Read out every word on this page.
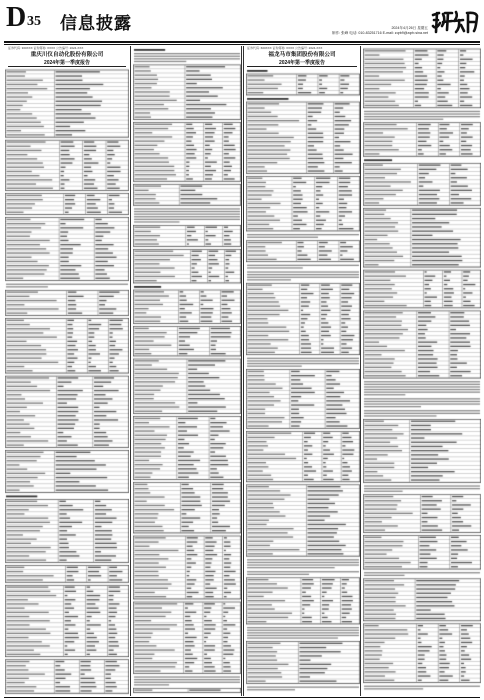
D 35 信息披露	2024年4月26日 星期五
制作: 张峰 电话: 010-83251716 E-mail: zqrb9@zqrb.sina.net
证券代码: 300XXX 证券简称: XXXX 公告编号: 2024-XXX
重庆川仪自动化股份有限公司
2024年第一季度报告
证券代码: 600XXX 证券简称: XXXX 公告编号: 2024-XXX
福龙马市集团股份有限公司
2024年第一季度报告
